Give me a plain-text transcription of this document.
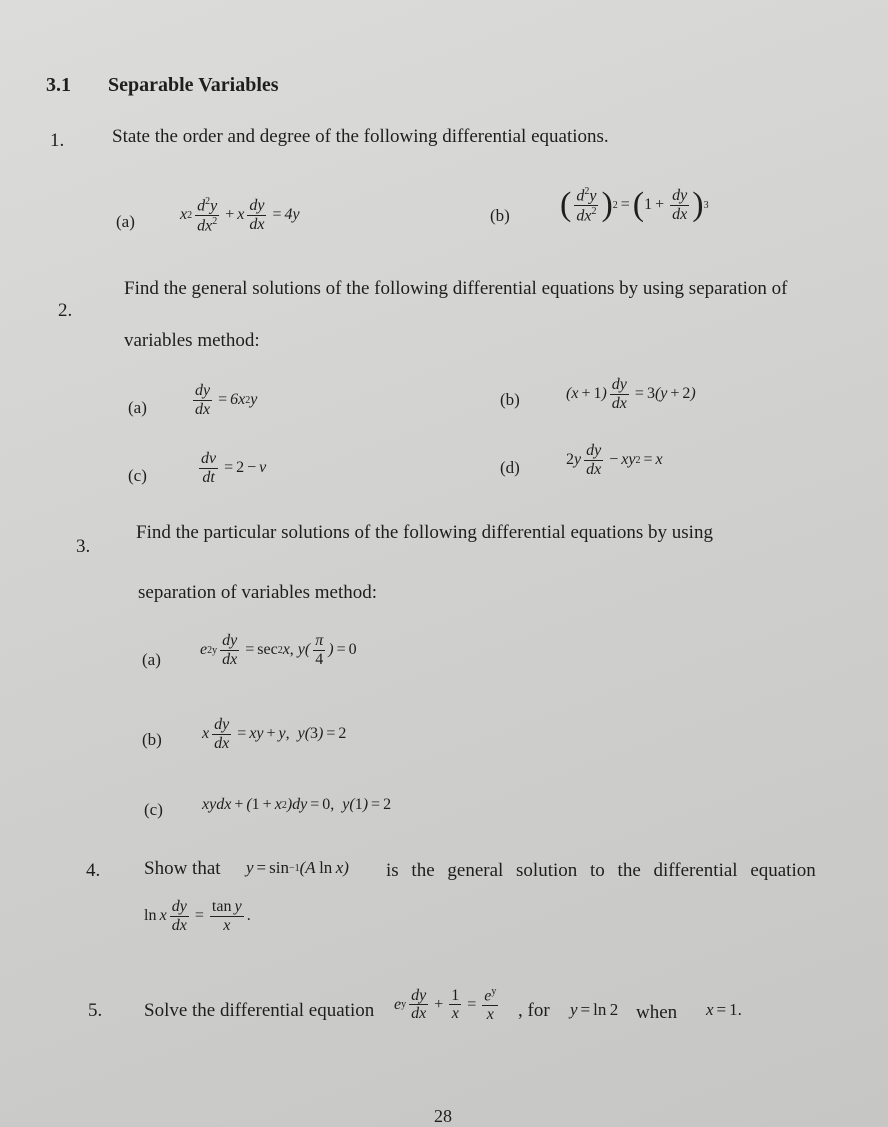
3.1 Separable Variables
1.	State the order and degree of the following differential equations.
(a)	x $2 \frac{d^2y}{dx^2} + x \frac{dy}{dx} = 4y$	(b) ( $\frac{d^2y}{dx^2}$ ) 2 = ( $1 + \frac{dy}{dx}$ ) 3
2.
Find the general solutions of the following differential equations by using separation of
variables method:
(a)	$\frac{dy}{dx} = 6x$ 2 y	(b)	(x + 1 ) $\frac{dy}{dx} = 3$ (y + 2 )
(c)	$\frac{dv}{dt} = 2 - v$	(d)	2 y $\frac{dy}{dx}$ − xy 2 = x
3.
Find the particular solutions of the following differential equations by using
separation of variables method:
(a)
e $2y \frac{dy}{dx} = \sec 2$ x , $y( \frac{\pi}{4}$ ) = 0
(b)	x $\frac{dy}{dx}$ = xy + y , y( 3 ) = 2
(c) xydx + ( 1 + x 2 )dy = 0, y( 1 ) = 2
4. Show that y = sin −1 (A  ln  x) is the general solution to the differential equation
ln  x $\frac{dy}{dx} = \frac{\text{tan y}}{x}$ .
5. Solve the differential equation e y $\frac{dy}{dx} + \frac{1}{x} = \frac{e^y}{x}$ , for y = ln 2 when x = 1.
28
